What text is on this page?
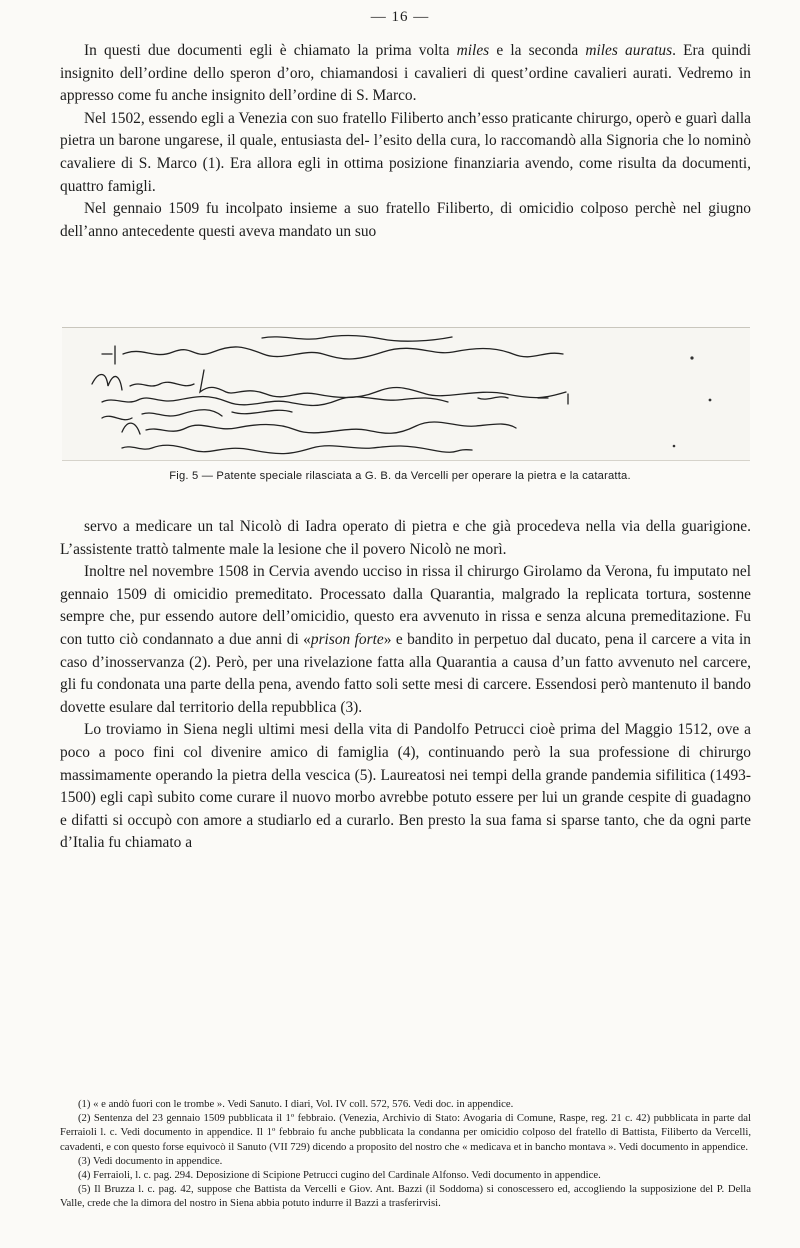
— 16 —

In questi due documenti egli è chiamato la prima volta miles e la seconda miles auratus. Era quindi insignito dell’ordine dello speron d’oro, chiamandosi i cavalieri di quest’ordine cavalieri aurati. Vedremo in appresso come fu anche insignito dell’ordine di S. Marco.

Nel 1502, essendo egli a Venezia con suo fratello Filiberto anch’esso praticante chirurgo, operò e guarì dalla pietra un barone ungarese, il quale, entusiasta del- l’esito della cura, lo raccomandò alla Signoria che lo nominò cavaliere di S. Marco (1). Era allora egli in ottima posizione finanziaria avendo, come risulta da documenti, quattro famigli.

Nel gennaio 1509 fu incolpato insieme a suo fratello Filiberto, di omicidio colposo perchè nel giugno dell’anno antecedente questi aveva mandato un suo

Fig. 5 — Patente speciale rilasciata a G. B. da Vercelli per operare la pietra e la cataratta.

servo a medicare un tal Nicolò di Iadra operato di pietra e che già procedeva nella via della guarigione. L’assistente trattò talmente male la lesione che il povero Nicolò ne morì.

Inoltre nel novembre 1508 in Cervia avendo ucciso in rissa il chirurgo Girolamo da Verona, fu imputato nel gennaio 1509 di omicidio premeditato. Processato dalla Quarantia, malgrado la replicata tortura, sostenne sempre che, pur essendo autore dell’omicidio, questo era avvenuto in rissa e senza alcuna premeditazione. Fu con tutto ciò condannato a due anni di «prison forte» e bandito in perpetuo dal ducato, pena il carcere a vita in caso d’inosservanza (2). Però, per una rivelazione fatta alla Quarantia a causa d’un fatto avvenuto nel carcere, gli fu condonata una parte della pena, avendo fatto soli sette mesi di carcere. Essendosi però mantenuto il bando dovette esulare dal territorio della repubblica (3).

Lo troviamo in Siena negli ultimi mesi della vita di Pandolfo Petrucci cioè prima del Maggio 1512, ove a poco a poco fini col divenire amico di famiglia (4), continuando però la sua professione di chirurgo massimamente operando la pietra della vescica (5). Laureatosi nei tempi della grande pandemia sifilitica (1493-1500) egli capì subito come curare il nuovo morbo avrebbe potuto essere per lui un grande cespite di guadagno e difatti si occupò con amore a studiarlo ed a curarlo. Ben presto la sua fama si sparse tanto, che da ogni parte d’Italia fu chiamato a

(1) « e andò fuori con le trombe ». Vedi Sanuto. I diari, Vol. IV coll. 572, 576. Vedi doc. in appendice.

(2) Sentenza del 23 gennaio 1509 pubblicata il 1º febbraio. (Venezia, Archivio di Stato: Avogaria di Comune, Raspe, reg. 21 c. 42) pubblicata in parte dal Ferraioli l. c. Vedi documento in appendice. Il 1º febbraio fu anche pubblicata la condanna per omicidio colposo del fratello di Battista, Filiberto da Vercelli, cavadenti, e con questo forse equivocò il Sanuto (VII 729) dicendo a proposito del nostro che « medicava et in bancho montava ». Vedi documento in appendice.

(3) Vedi documento in appendice.

(4) Ferraioli, l. c. pag. 294. Deposizione di Scipione Petrucci cugino del Cardinale Alfonso. Vedi documento in appendice.

(5) Il Bruzza l. c. pag. 42, suppose che Battista da Vercelli e Giov. Ant. Bazzi (il Soddoma) si conoscessero ed, accogliendo la supposizione del P. Della Valle, crede che la dimora del nostro in Siena abbia potuto indurre il Bazzi a trasferirvisi.
